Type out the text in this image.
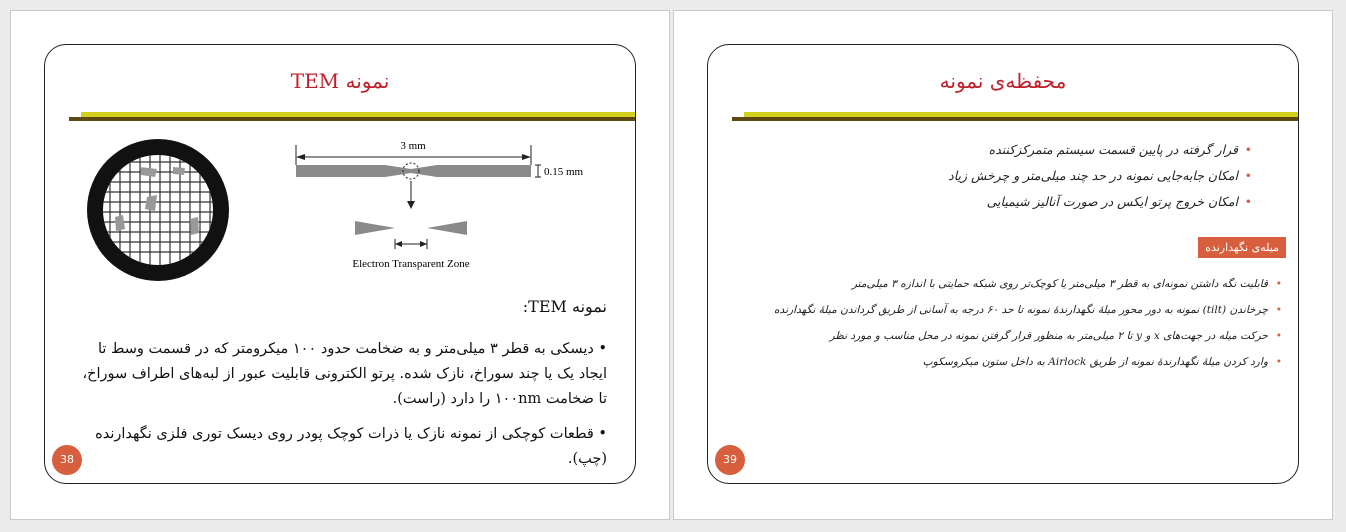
نمونه TEM
3 mm
0.15 mm
Electron Transparent Zone
نمونه TEM:
• دیسکی به قطر ۳ میلی‌متر و به ضخامت حدود ۱۰۰ میکرومتر که در قسمت وسط تا ایجاد یک یا چند سوراخ، نازک شده. پرتو الکترونی قابلیت عبور از لبه‌های اطراف سوراخ، تا ضخامت ۱۰۰nm را دارد (راست).
• قطعات کوچکی از نمونه نازک یا ذرات کوچک پودر روی دیسک توری فلزی نگهدارنده (چپ).
38
محفظه‌ی نمونه
• قرار گرفته در پایین قسمت سیستم متمرکزکننده
• امکان جابه‌جایی نمونه در حد چند میلی‌متر و چرخش زیاد
• امکان خروج پرتو ایکس در صورت آنالیز شیمیایی
میله‌ی نگهدارنده
• قابلیت نگه داشتن نمونه‌ای به قطر ۳ میلی‌متر یا کوچک‌تر روی شبکه حمایتی با اندازه ۳ میلی‌متر
• چرخاندن (tilt) نمونه به دور محور میلهٔ نگهدارندهٔ نمونه تا حد ۶۰ درجه به آسانی از طریق گرداندن میلهٔ نگهدارنده
• حرکت میله در جهت‌های x و y تا ۲ میلی‌متر به منظور قرار گرفتن نمونه در محل مناسب و مورد نظر
• وارد کردن میلهٔ نگهدارندهٔ نمونه از طریق Airlock به داخل ستون میکروسکوپ
39
